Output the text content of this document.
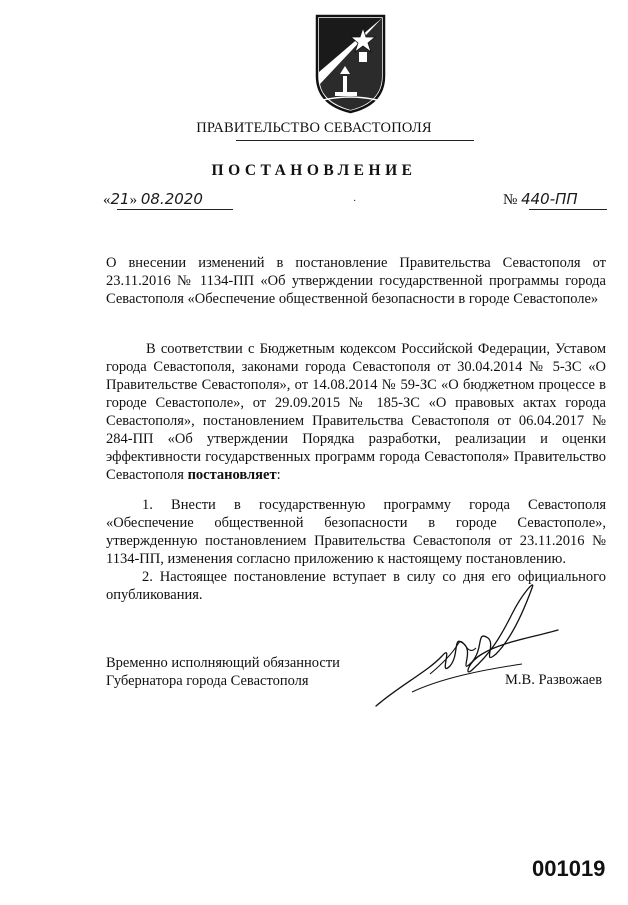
ПРАВИТЕЛЬСТВО СЕВАСТОПОЛЯ
ПОСТАНОВЛЕНИЕ
«21» 08.2020	·	№ 440-ПП
О внесении изменений в постановление Правительства Севастополя от 23.11.2016 № 1134-ПП «Об утверждении государственной программы города Севастополя «Обеспечение общественной безопасности в городе Севастополе»
В соответствии с Бюджетным кодексом Российской Федерации, Уставом города Севастополя, законами города Севастополя от 30.04.2014 № 5-ЗС «О Правительстве Севастополя», от 14.08.2014 № 59-ЗС «О бюджетном процессе в городе Севастополе», от 29.09.2015 № 185-ЗС «О правовых актах города Севастополя», постановлением Правительства Севастополя от 06.04.2017 № 284-ПП «Об утверждении Порядка разработки, реализации и оценки эффективности государственных программ города Севастополя» Правительство Севастополя постановляет:
1. Внести в государственную программу города Севастополя «Обеспечение общественной безопасности в городе Севастополе», утвержденную постановлением Правительства Севастополя от 23.11.2016 № 1134-ПП, изменения согласно приложению к настоящему постановлению.
2. Настоящее постановление вступает в силу со дня его официального опубликования.
Временно исполняющий обязанности
Губернатора города Севастополя	М.В. Развожаев
001019
